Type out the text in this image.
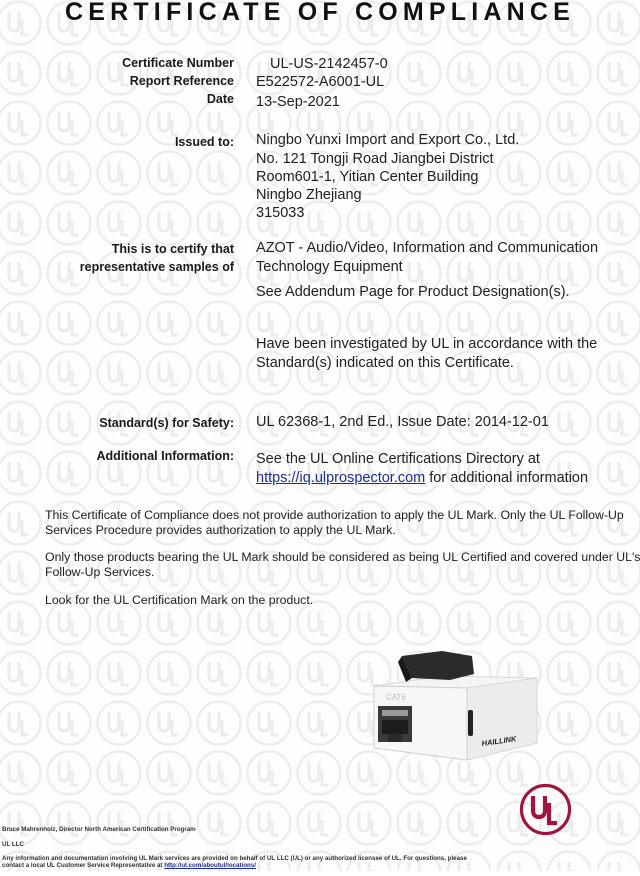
CERTIFICATE OF COMPLIANCE
Certificate Number UL-US-2142457-0
Report Reference E522572-A6001-UL
Date 13-Sep-2021
Issued to: Ningbo Yunxi Import and Export Co., Ltd.
No. 121 Tongji Road Jiangbei District
Room601-1, Yitian Center Building
Ningbo Zhejiang
315033
This is to certify that
representative samples of
AZOT - Audio/Video, Information and Communication
Technology Equipment
See Addendum Page for Product Designation(s).
Have been investigated by UL in accordance with the
Standard(s) indicated on this Certificate.
Standard(s) for Safety: UL 62368-1, 2nd Ed., Issue Date: 2014-12-01
Additional Information: See the UL Online Certifications Directory at
https://iq.ulprospector.com for additional information
This Certificate of Compliance does not provide authorization to apply the UL Mark. Only the UL Follow-Up
Services Procedure provides authorization to apply the UL Mark.
Only those products bearing the UL Mark should be considered as being UL Certified and covered under UL's
Follow-Up Services.
Look for the UL Certification Mark on the product.
CAT6
HAILLINK
Bruce Mahrenholz, Director North American Certification Program
UL LLC
Any information and documentation involving UL Mark services are provided on behalf of UL LLC (UL) or any authorized licensee of UL. For questions, please
contact a local UL Customer Service Representative at http://ul.com/aboutul/locations/
